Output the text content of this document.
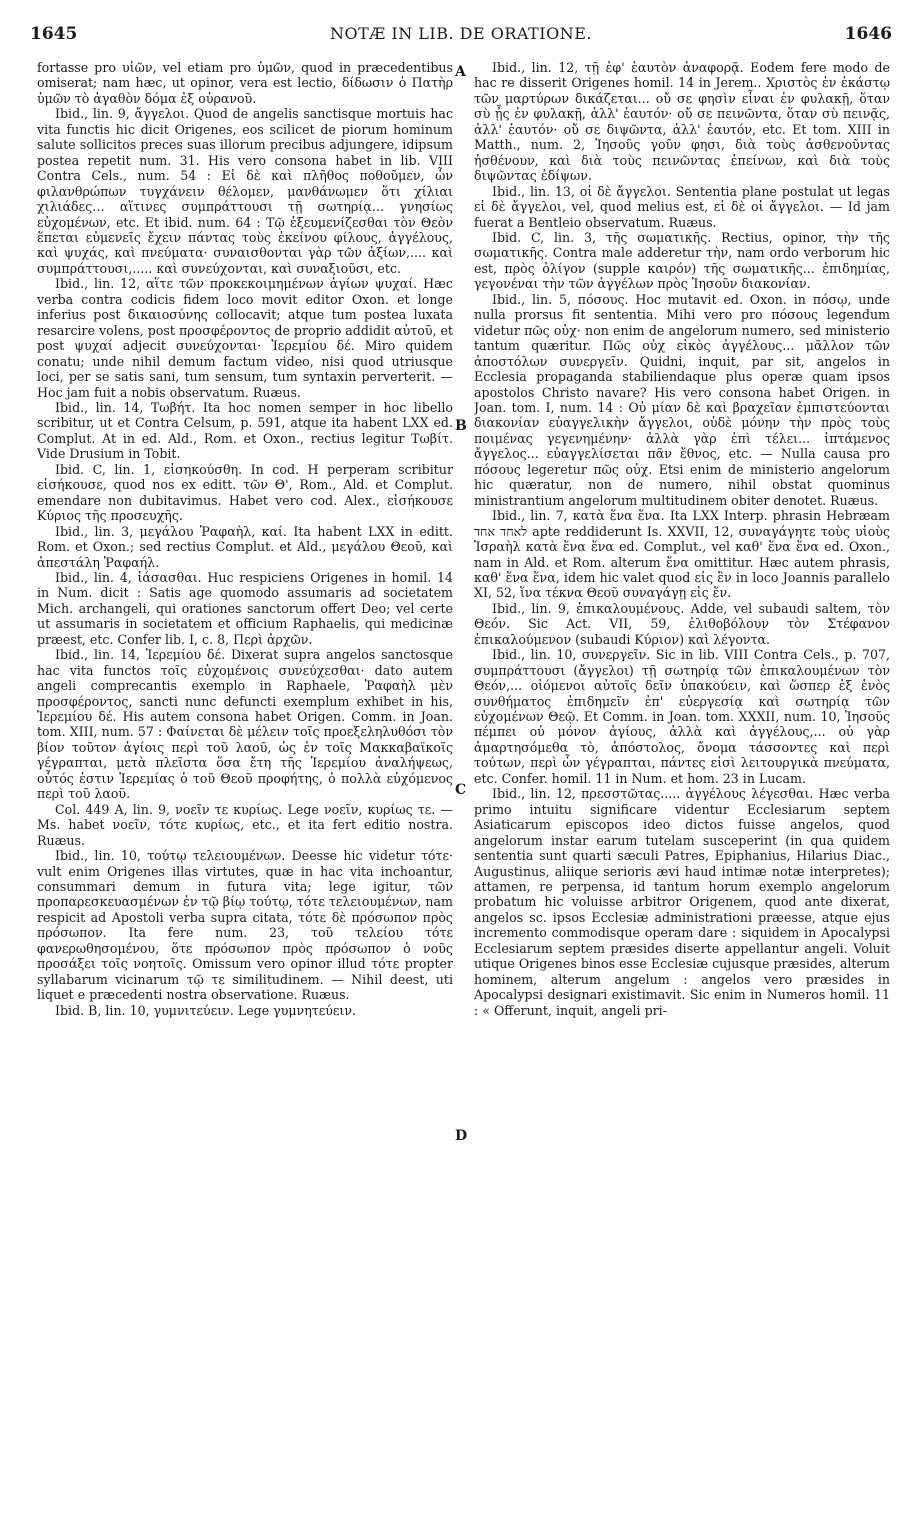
1645	NOTÆ IN LIB. DE ORATIONE.	1646

fortasse pro υἱῶν, vel etiam pro ὑμῶν, quod in præcedentibus omiserat; nam hæc, ut opinor, vera est lectio, δίδωσιν ὁ Πατὴρ ὑμῶν τὸ ἀγαθὸν δόμα ἐξ οὐρανοῦ.

Ibid., lin. 9, ἄγγελοι. Quod de angelis sanctisque mortuis hac vita functis hic dicit Origenes, eos scilicet de piorum hominum salute sollicitos preces suas illorum precibus adjungere, idipsum postea repetit num. 31. His vero consona habet in lib. VIII Contra Cels., num. 54 : Εἰ δὲ καὶ πλῆθος ποθοῦμεν, ὧν φιλανθρώπων τυγχάνειν θέλομεν, μανθάνωμεν ὅτι χίλιαι χιλιάδες… αἵτινες συμπράττουσι τῇ σωτηρίᾳ… γνησίως εὐχομένων, etc. Et ibid. num. 64 : Τῷ ἐξευμενίζεσθαι τὸν Θεὸν ἕπεται εὐμενεῖς ἔχειν πάντας τοὺς ἐκείνου φίλους, ἀγγέλους, καὶ ψυχάς, καὶ πνεύματα· συναισθονται γὰρ τῶν ἀξίων,.... καὶ συμπράττουσι,..... καὶ συνεύχονται, καὶ συναξιοῦσι, etc.

Ibid., lin. 12, αἵτε τῶν προκεκοιμημένων ἁγίων ψυχαί. Hæc verba contra codicis fidem loco movit editor Oxon. et longe inferius post δικαιοσύνης collocavit; atque tum postea luxata resarcire volens, post προσφέροντος de proprio addidit αὐτοῦ, et post ψυχαί adjecit συνεύχονται· Ἱερεμίου δέ. Miro quidem conatu; unde nihil demum factum video, nisi quod utriusque loci, per se satis sani, tum sensum, tum syntaxin perverterit. — Hoc jam fuit a nobis observatum. Ruæus.

Ibid., lin. 14, Τωβήτ. Ita hoc nomen semper in hoc libello scribitur, ut et Contra Celsum, p. 591, atque ita habent LXX ed. Complut. At in ed. Ald., Rom. et Oxon., rectius legitur Τωβίτ. Vide Drusium in Tobit.

Ibid. C, lin. 1, εἰσηκούσθη. In cod. H perperam scribitur εἰσήκουσε, quod nos ex editt. τῶν Θ', Rom., Ald. et Complut. emendare non dubitavimus. Habet vero cod. Alex., εἰσήκουσε Κύριος τῆς προσευχῆς.

Ibid., lin. 3, μεγάλου Ῥαφαὴλ, καί. Ita habent LXX in editt. Rom. et Oxon.; sed rectius Complut. et Ald., μεγάλου Θεοῦ, καὶ ἀπεστάλη Ῥαφαήλ.

Ibid., lin. 4, ἰάσασθαι. Huc respiciens Origenes in homil. 14 in Num. dicit : Satis age quomodo assumaris ad societatem Mich. archangeli, qui orationes sanctorum offert Deo; vel certe ut assumaris in societatem et officium Raphaelis, qui medicinæ præest, etc. Confer lib. I, c. 8, Περὶ ἀρχῶν.

Ibid., lin. 14, Ἱερεμίου δέ. Dixerat supra angelos sanctosque hac vita functos τοῖς εὐχομένοις συνεύχεσθαι· dato autem angeli comprecantis exemplo in Raphaele, Ῥαφαὴλ μὲν προσφέροντος, sancti nunc defuncti exemplum exhibet in his, Ἱερεμίου δέ. His autem consona habet Origen. Comm. in Joan. tom. XIII, num. 57 : Φαίνεται δὲ μέλειν τοῖς προεξεληλυθόσι τὸν βίον τοῦτον ἁγίοις περὶ τοῦ λαοῦ, ὡς ἐν τοῖς Μακκαβαϊκοῖς γέγραπται, μετὰ πλεῖστα ὅσα ἔτη τῆς Ἱερεμίου ἀναλήψεως, οὗτός ἐστιν Ἱερεμίας ὁ τοῦ Θεοῦ προφήτης, ὁ πολλὰ εὐχόμενος περὶ τοῦ λαοῦ.

Col. 449 A, lin. 9, νοεῖν τε κυρίως. Lege νοεῖν, κυρίως τε. — Ms. habet νοεῖν, τότε κυρίως, etc., et ita fert editio nostra. Ruæus.

Ibid., lin. 10, τούτῳ τελειουμένων. Deesse hic videtur τότε· vult enim Origenes illas virtutes, quæ in hac vita inchoantur, consummari demum in futura vita; lege igitur, τῶν προπαρεσκευασμένων ἐν τῷ βίῳ τούτῳ, τότε τελειουμένων, nam respicit ad Apostoli verba supra citata, τότε δὲ πρόσωπον πρὸς πρόσωπον. Ita fere num. 23, τοῦ τελείου τότε φανερωθησομένου, ὅτε πρόσωπον πρὸς πρόσωπον ὁ νοῦς προσάξει τοῖς νοητοῖς. Omissum vero opinor illud τότε propter syllabarum vicinarum τῷ τε similitudinem. — Nihil deest, uti liquet e præcedenti nostra observatione. Ruæus.

Ibid. B, lin. 10, γυμνιτεύειν. Lege γυμνητεύειν.

A
B
C
D

Ibid., lin. 12, τῇ ἐφ' ἑαυτὸν ἀναφορᾷ. Eodem fere modo de hac re disserit Origenes homil. 14 in Jerem.. Χριστὸς ἐν ἑκάστῳ τῶν μαρτύρων δικάζεται... οὔ σε φησὶν εἶναι ἐν φυλακῇ, ὅταν σὺ ᾖς ἐν φυλακῇ, ἀλλ' ἑαυτόν· οὔ σε πεινῶντα, ὅταν σὺ πεινᾷς, ἀλλ' ἑαυτόν· οὔ σε διψῶντα, ἀλλ' ἑαυτόν, etc. Et tom. XIII in Matth., num. 2, Ἰησοῦς γοῦν φησι, διὰ τοὺς ἀσθενοῦντας ἠσθένουν, καὶ διὰ τοὺς πεινῶντας ἐπείνων, καὶ διὰ τοὺς διψῶντας ἐδίψων.

Ibid., lin. 13, οἱ δὲ ἄγγελοι. Sententia plane postulat ut legas εἰ δὲ ἄγγελοι, vel, quod melius est, εἰ δὲ οἱ ἄγγελοι. — Id jam fuerat a Bentleio observatum. Ruæus.

Ibid. C, lin. 3, τῆς σωματικῆς. Rectius, opinor, τὴν τῆς σωματικῆς. Contra male adderetur τὴν, nam ordo verborum hic est, πρὸς ὀλίγον (supple καιρόν) τῆς σωματικῆς... ἐπιδημίας, γεγονέναι τὴν τῶν ἀγγέλων πρὸς Ἰησοῦν διακονίαν.

Ibid., lin. 5, πόσους. Hoc mutavit ed. Oxon. in πόσῳ, unde nulla prorsus fit sententia. Mihi vero pro πόσους legendum videtur πῶς οὐχ· non enim de angelorum numero, sed ministerio tantum quæritur. Πῶς οὐχ εἰκὸς ἀγγέλους... μᾶλλον τῶν ἀποστόλων συνεργεῖν. Quidni, inquit, par sit, angelos in Ecclesia propaganda stabiliendaque plus operæ quam ipsos apostolos Christo navare? His vero consona habet Origen. in Joan. tom. I, num. 14 : Οὐ μίαν δὲ καὶ βραχεῖαν ἐμπιστεύονται διακονίαν εὐαγγελικὴν ἄγγελοι, οὐδὲ μόνην τὴν πρὸς τοὺς ποιμένας γεγενημένην· ἀλλὰ γὰρ ἐπὶ τέλει... ἱπτάμενος ἄγγελος... εὐαγγελίσεται πᾶν ἔθνος, etc. — Nulla causa pro πόσους legeretur πῶς οὐχ. Etsi enim de ministerio angelorum hic quæratur, non de numero, nihil obstat quominus ministrantium angelorum multitudinem obiter denotet. Ruæus.

Ibid., lin. 7, κατὰ ἕνα ἕνα. Ita LXX Interp. phrasin Hebræam לאחד אחד apte reddiderunt Is. XXVII, 12, συναγάγητε τοὺς υἱοὺς Ἰσραὴλ κατὰ ἕνα ἕνα ed. Complut., vel καθ' ἕνα ἕνα ed. Oxon., nam in Ald. et Rom. alterum ἕνα omittitur. Hæc autem phrasis, καθ' ἕνα ἕνα, idem hic valet quod εἰς ἓν in loco Joannis parallelo XI, 52, ἵνα τέκνα Θεοῦ συναγάγῃ εἰς ἕν.

Ibid., lin. 9, ἐπικαλουμένους. Adde, vel subaudi saltem, τὸν Θεόν. Sic Act. VII, 59, ἐλιθοβόλουν τὸν Στέφανον ἐπικαλούμενον (subaudi Κύριον) καὶ λέγοντα.

Ibid., lin. 10, συνεργεῖν. Sic in lib. VIII Contra Cels., p. 707, συμπράττουσι (ἄγγελοι) τῇ σωτηρίᾳ τῶν ἐπικαλουμένων τὸν Θεόν,... οἰόμενοι αὐτοῖς δεῖν ὑπακούειν, καὶ ὥσπερ ἐξ ἑνὸς συνθήματος ἐπιδημεῖν ἐπ' εὐεργεσίᾳ καὶ σωτηρίᾳ τῶν εὐχομένων Θεῷ. Et Comm. in Joan. tom. XXXII, num. 10, Ἰησοῦς πέμπει οὐ μόνον ἁγίους, ἀλλὰ καὶ ἀγγέλους,... οὐ γὰρ ἁμαρτησόμεθα τὸ, ἀπόστολος, ὄνομα τάσσοντες καὶ περὶ τούτων, περὶ ὧν γέγραπται, πάντες εἰσὶ λειτουργικὰ πνεύματα, etc. Confer. homil. 11 in Num. et hom. 23 in Lucam.

Ibid., lin. 12, πρεσστῶτας..... ἀγγέλους λέγεσθαι. Hæc verba primo intuitu significare videntur Ecclesiarum septem Asiaticarum episcopos ideo dictos fuisse angelos, quod angelorum instar earum tutelam susceperint (in qua quidem sententia sunt quarti sæculi Patres, Epiphanius, Hilarius Diac., Augustinus, aliique serioris ævi haud intimæ notæ interpretes); attamen, re perpensa, id tantum horum exemplo angelorum probatum hic voluisse arbitror Origenem, quod ante dixerat, angelos sc. ipsos Ecclesiæ administrationi præesse, atque ejus incremento commodisque operam dare : siquidem in Apocalypsi Ecclesiarum septem præsides diserte appellantur angeli. Voluit utique Origenes binos esse Ecclesiæ cujusque præsides, alterum hominem, alterum angelum : angelos vero præsides in Apocalypsi designari existimavit. Sic enim in Numeros homil. 11 : « Offerunt, inquit, angeli pri-
